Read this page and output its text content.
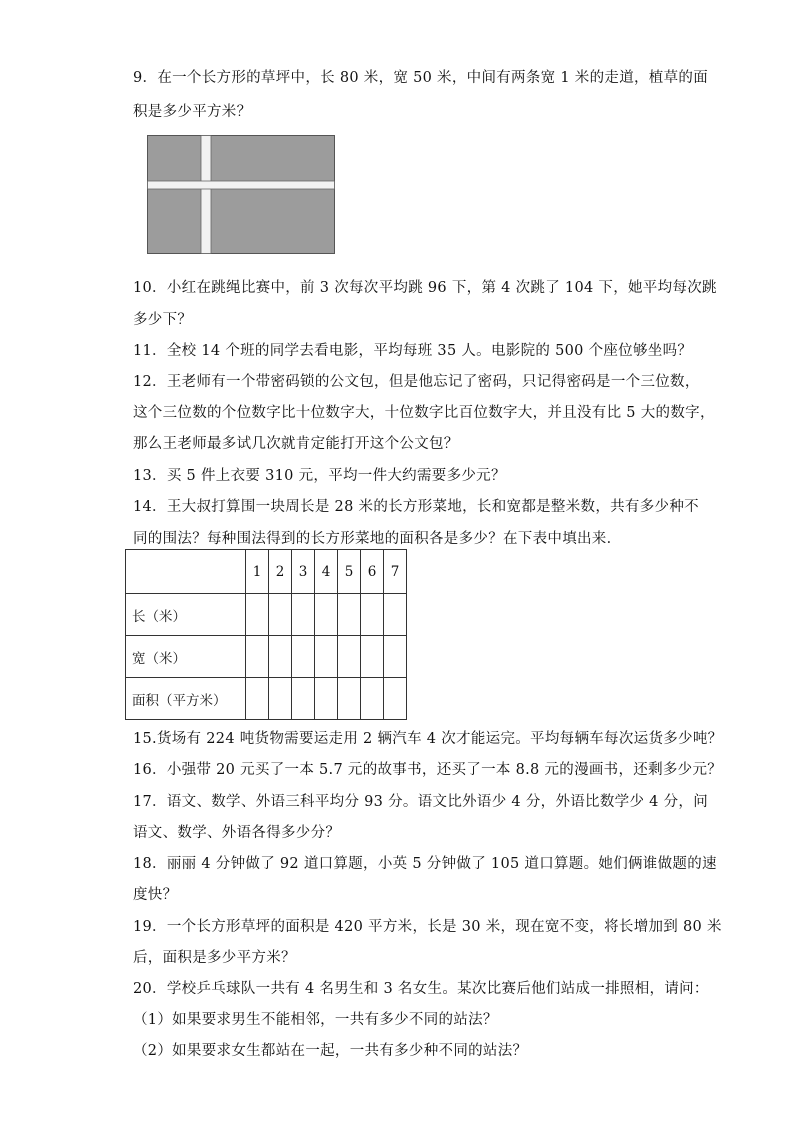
9．在一个长方形的草坪中，长 80 米，宽 50 米，中间有两条宽 1 米的走道，植草的面
积是多少平方米？
10．小红在跳绳比赛中，前 3 次每次平均跳 96 下，第 4 次跳了 104 下，她平均每次跳
多少下？
11．全校 14 个班的同学去看电影，平均每班 35 人。电影院的 500 个座位够坐吗？
12．王老师有一个带密码锁的公文包，但是他忘记了密码，只记得密码是一个三位数，
这个三位数的个位数字比十位数字大，十位数字比百位数字大，并且没有比 5 大的数字，
那么王老师最多试几次就肯定能打开这个公文包？
13．买 5 件上衣要 310 元，平均一件大约需要多少元？
14．王大叔打算围一块周长是 28 米的长方形菜地，长和宽都是整米数，共有多少种不
同的围法？每种围法得到的长方形菜地的面积各是多少？在下表中填出来．
	1	2	3	4	5	6	7
长（米）							
宽（米）							
面积（平方米）							
15.货场有 224 吨货物需要运走用 2 辆汽车 4 次才能运完。平均每辆车每次运货多少吨？
16．小强带 20 元买了一本 5.7 元的故事书，还买了一本 8.8 元的漫画书，还剩多少元？
17．语文、数学、外语三科平均分 93 分。语文比外语少 4 分，外语比数学少 4 分，问
语文、数学、外语各得多少分？
18．丽丽 4 分钟做了 92 道口算题，小英 5 分钟做了 105 道口算题。她们俩谁做题的速
度快？
19．一个长方形草坪的面积是 420 平方米，长是 30 米，现在宽不变，将长增加到 80 米
后，面积是多少平方米？
20．学校乒乓球队一共有 4 名男生和 3 名女生。某次比赛后他们站成一排照相，请问：
（1）如果要求男生不能相邻，一共有多少不同的站法？
（2）如果要求女生都站在一起，一共有多少种不同的站法？
